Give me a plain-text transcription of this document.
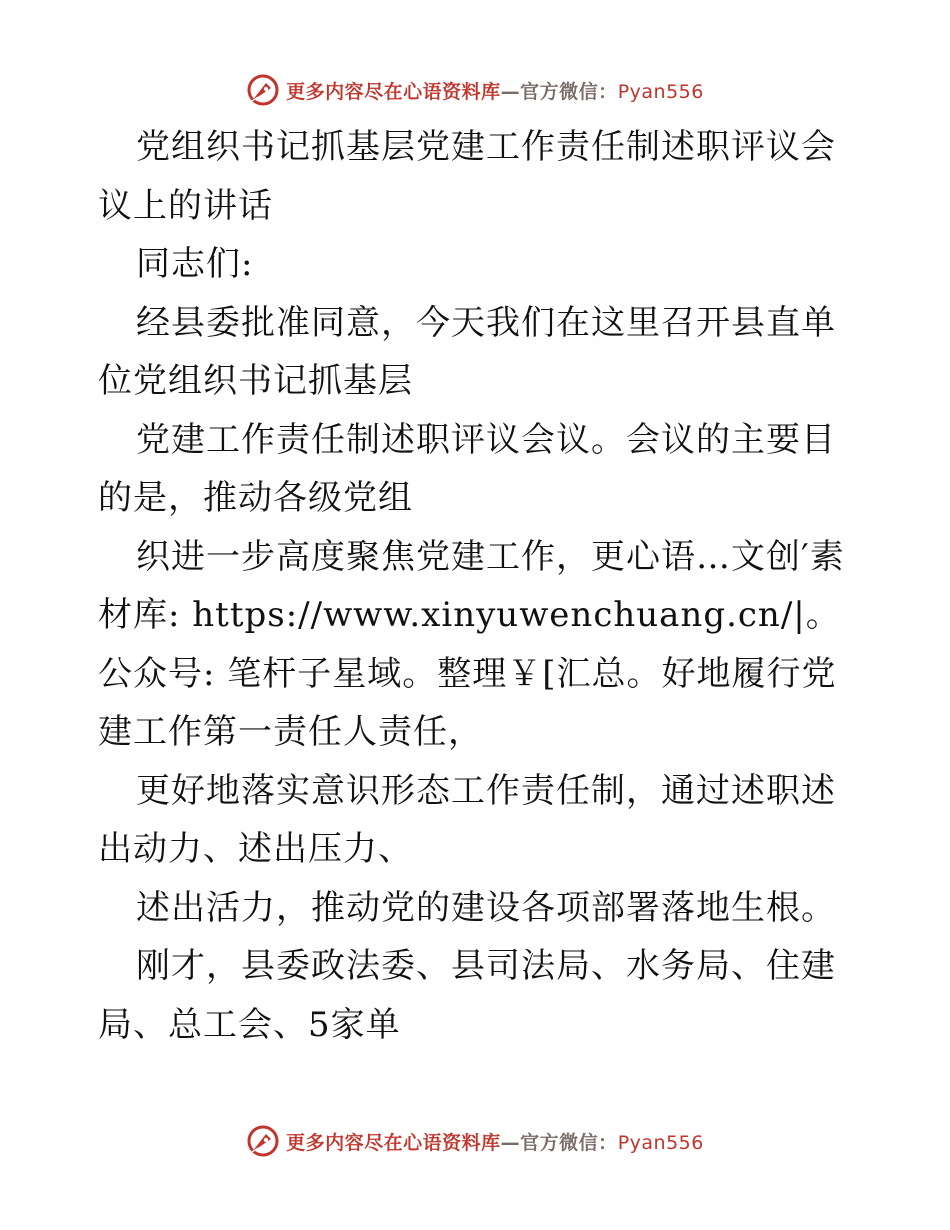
更多内容尽在心语资料库—官方微信：Pyan556

党组织书记抓基层党建工作责任制述职评议会议上的讲话

同志们:

经县委批准同意，今天我们在这里召开县直单位党组织书记抓基层

党建工作责任制述职评议会议。会议的主要目的是，推动各级党组

织进一步高度聚焦党建工作，更心语…文创′素材库: https://www.xinyuwenchuang.cn/|。公众号: 笔杆子星域。整理￥[汇总。好地履行党建工作第一责任人责任，

更好地落实意识形态工作责任制，通过述职述出动力、述出压力、

述出活力，推动党的建设各项部署落地生根。

刚才，县委政法委、县司法局、水务局、住建局、总工会、5家单

更多内容尽在心语资料库—官方微信：Pyan556
